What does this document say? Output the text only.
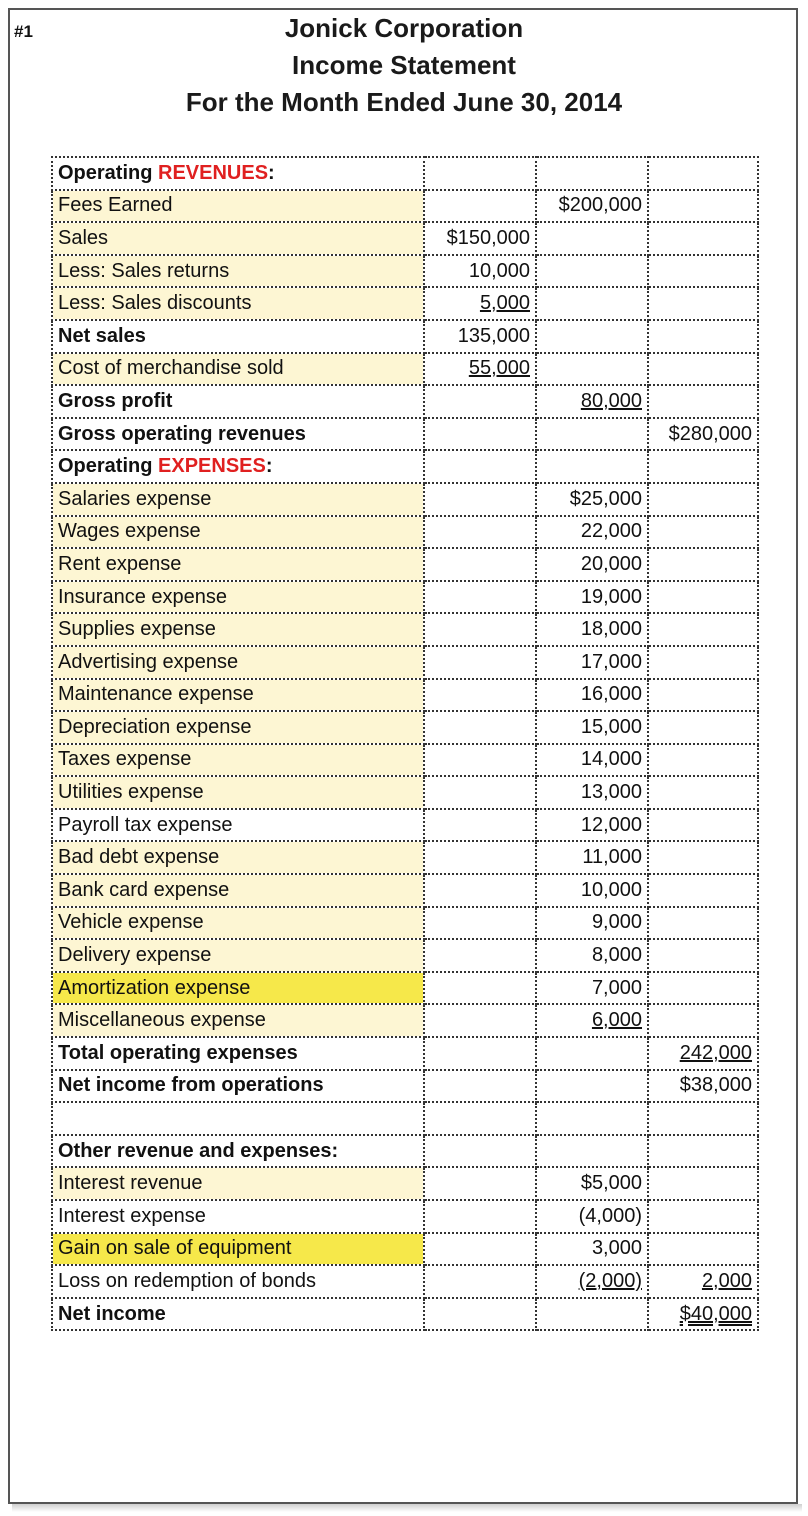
#1	Jonick Corporation
Income Statement
For the Month Ended June 30, 2014
Operating REVENUES:			
Fees Earned		$200,000	
Sales	$150,000		
Less: Sales returns	10,000		
Less: Sales discounts	5,000		
Net sales	135,000		
Cost of merchandise sold	55,000		
Gross profit		80,000	
Gross operating revenues			$280,000
Operating EXPENSES:			
Salaries expense		$25,000	
Wages expense		22,000	
Rent expense		20,000	
Insurance expense		19,000	
Supplies expense		18,000	
Advertising expense		17,000	
Maintenance expense		16,000	
Depreciation expense		15,000	
Taxes expense		14,000	
Utilities expense		13,000	
Payroll tax expense		12,000	
Bad debt expense		11,000	
Bank card expense		10,000	
Vehicle expense		9,000	
Delivery expense		8,000	
Amortization expense		7,000	
Miscellaneous expense		6,000	
Total operating expenses			242,000
Net income from operations			$38,000

Other revenue and expenses:			
Interest revenue		$5,000	
Interest expense		(4,000)	
Gain on sale of equipment		3,000	
Loss on redemption of bonds		(2,000)	2,000
Net income			$40,000
